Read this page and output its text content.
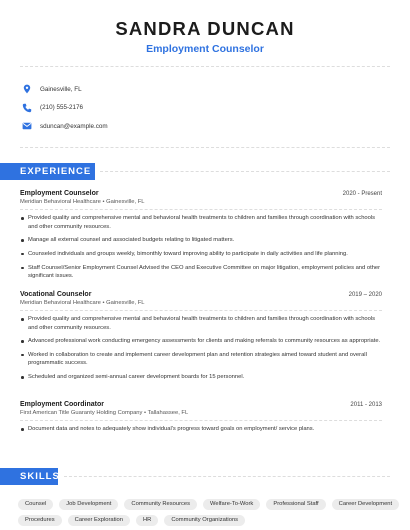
SANDRA DUNCAN
Employment Counselor
Gainesville, FL
(210) 555-2176
sduncan@example.com
EXPERIENCE
Employment Counselor	2020 - Present
Meridian Behavioral Healthcare • Gainesville, FL
Provided quality and comprehensive mental and behavioral health treatments to children and families through coordination with schools and other community resources.
Manage all external counsel and associated budgets relating to litigated matters.
Counseled individuals and groups weekly, bimonthly toward improving ability to participate in daily activities and life planning.
Staff Counsel/Senior Employment Counsel Advised the CEO and Executive Committee on major litigation, employment policies and other significant issues.
Vocational Counselor	2019 – 2020
Meridian Behavioral Healthcare • Gainesville, FL
Provided quality and comprehensive mental and behavioral health treatments to children and families through coordination with schools and other community resources.
Advanced professional work conducting emergency assessments for clients and making referrals to community resources as appropriate.
Worked in collaboration to create and implement career development plan and retention strategies aimed toward student and overall programmatic success.
Scheduled and organized semi-annual career development boards for 15 personnel.
Employment Coordinator	2011 - 2013
First American Title Guaranty Holding Company • Tallahassee, FL
Document data and notes to adequately show individual's progress toward goals on employment/ service plans.
SKILLS
Counsel	Job Development	Community Resources	Welfare-To-Work	Professional Staff	Career Development
Procedures	Career Exploration	HR	Community Organizations
